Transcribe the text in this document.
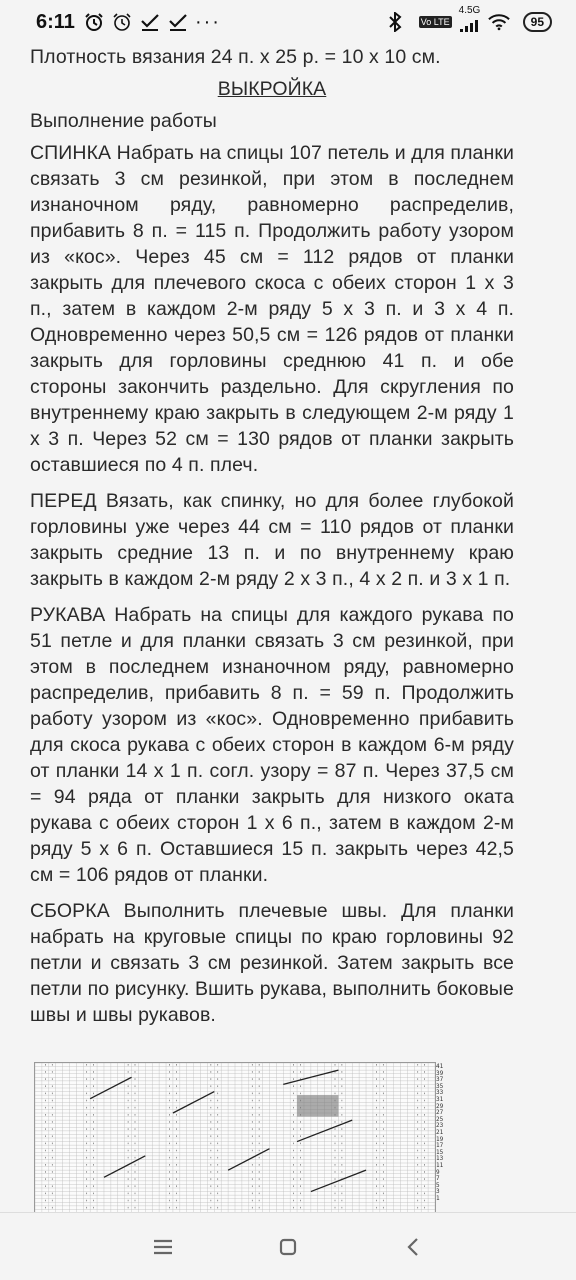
6:11	···	Vo LTE
4.5G
95
Плотность вязания 24 п. х 25 р. = 10 х 10 см.
ВЫКРОЙКА
Выполнение работы

СПИНКА Набрать на спицы 107 петель и для планки связать 3 см резинкой, при этом в последнем изнаночном ряду, равномерно распределив, прибавить 8 п. = 115 п. Продолжить работу узором из «кос». Через 45 см = 112 рядов от планки закрыть для плечевого скоса с обеих сторон 1 х 3 п., затем в каждом 2-м ряду 5 х 3 п. и 3 х 4 п. Одновременно через 50,5 см = 126 рядов от планки закрыть для горловины среднюю 41 п. и обе стороны закончить раздельно. Для скругления по внутреннему краю закрыть в следующем 2-м ряду 1 х 3 п. Через 52 см = 130 рядов от планки закрыть оставшиеся по 4 п. плеч.

ПЕРЕД Вязать, как спинку, но для более глубокой горловины уже через 44 см = 110 рядов от планки закрыть средние 13 п. и по внутреннему краю закрыть в каждом 2-м ряду 2 х 3 п., 4 х 2 п. и 3 х 1 п.

РУКАВА Набрать на спицы для каждого рукава по 51 петле и для планки связать 3 см резинкой, при этом в последнем изнаночном ряду, равномерно распределив, прибавить 8 п. = 59 п. Продолжить работу узором из «кос». Одновременно прибавить для скоса рукава с обеих сторон в каждом 6-м ряду от планки 14 х 1 п. согл. узору = 87 п. Через 37,5 см = 94 ряда от планки закрыть для низкого оката рукава с обеих сторон 1 х 6 п., затем в каждом 2-м ряду 5 х 6 п. Оставшиеся 15 п. закрыть через 42,5 см = 106 рядов от планки.

СБОРКА Выполнить плечевые швы. Для планки набрать на круговые спицы по краю горловины 92 петли и связать 3 см резинкой. Затем закрыть все петли по рисунку. Вшить рукава, выполнить боковые швы и швы рукавов.

41
39
37
35
33
31
29
27
25
23
21
19
17
15
13
11
9
7
5
3
1
